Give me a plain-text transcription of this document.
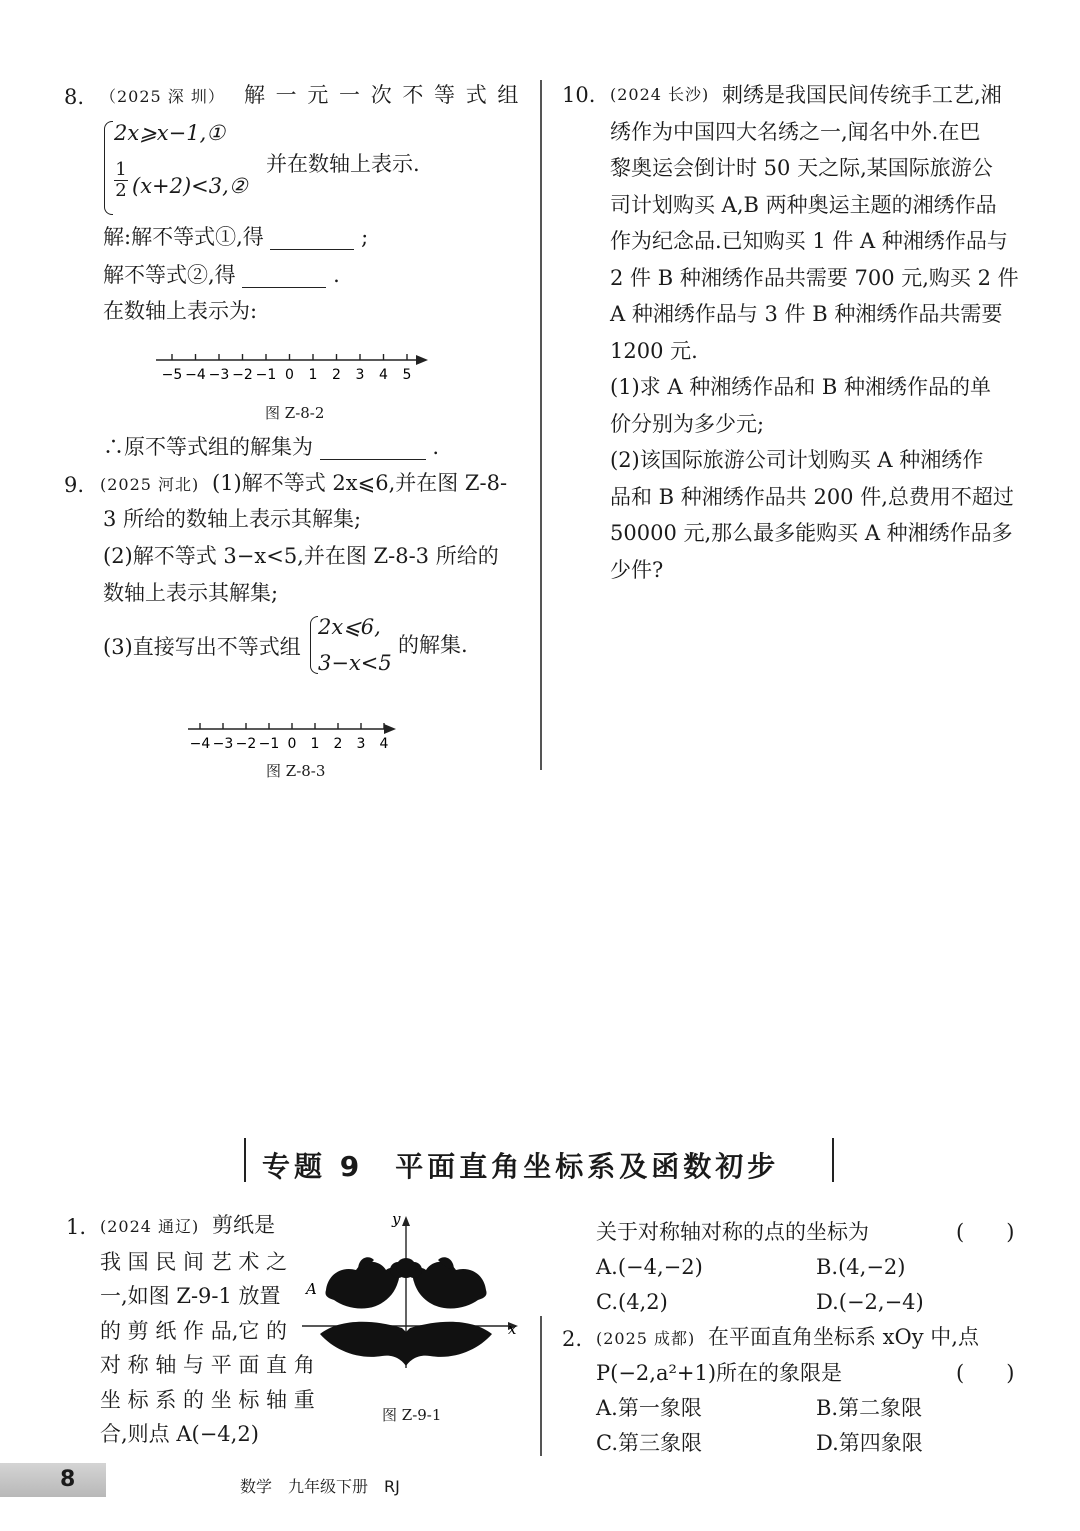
8. （2025 深 圳） 解 一 元 一 次 不 等 式 组
2x⩾x−1,①
$\frac{1}{2}$ (x+2)<3,②
并在数轴上表示.
解:解不等式①,得	;
解不等式②,得	.
在数轴上表示为:
−5 −4 −3 −2 −1 0 1 2 3 4 5
图 Z-8-2
∴原不等式组的解集为	.
9. (2025 河北) (1)解不等式 2x⩽6,并在图 Z-8-
3 所给的数轴上表示其解集;
(2)解不等式 3−x<5,并在图 Z-8-3 所给的
数轴上表示其解集;
(3)直接写出不等式组
2x⩽6,
3−x<5
的解集.
−4 −3 −2 −1 0 1 2 3 4
图 Z-8-3
10. (2024 长沙) 刺绣是我国民间传统手工艺,湘
绣作为中国四大名绣之一,闻名中外.在巴
黎奥运会倒计时 50 天之际,某国际旅游公
司计划购买 A,B 两种奥运主题的湘绣作品
作为纪念品.已知购买 1 件 A 种湘绣作品与
2 件 B 种湘绣作品共需要 700 元,购买 2 件
A 种湘绣作品与 3 件 B 种湘绣作品共需要
1200 元.
(1)求 A 种湘绣作品和 B 种湘绣作品的单
价分别为多少元;
(2)该国际旅游公司计划购买 A 种湘绣作
品和 B 种湘绣作品共 200 件,总费用不超过
50000 元,那么最多能购买 A 种湘绣作品多
少件?
专题 9　平面直角坐标系及函数初步
1. (2024 通辽) 剪纸是
我 国 民 间 艺 术 之
一,如图 Z-9-1 放置
的 剪 纸 作 品,它 的
对 称 轴 与 平 面 直 角
坐 标 系 的 坐 标 轴 重
合,则点 A(−4,2)
y
x
A
图 Z-9-1
关于对称轴对称的点的坐标为	(　　)
A.(−4,−2)	B.(4,−2)
C.(4,2)	D.(−2,−4)
2. (2025 成都) 在平面直角坐标系 xOy 中,点
P(−2,a²+1)所在的象限是	(　　)
A.第一象限	B.第二象限
C.第三象限	D.第四象限
8	数学　九年级下册　RJ
